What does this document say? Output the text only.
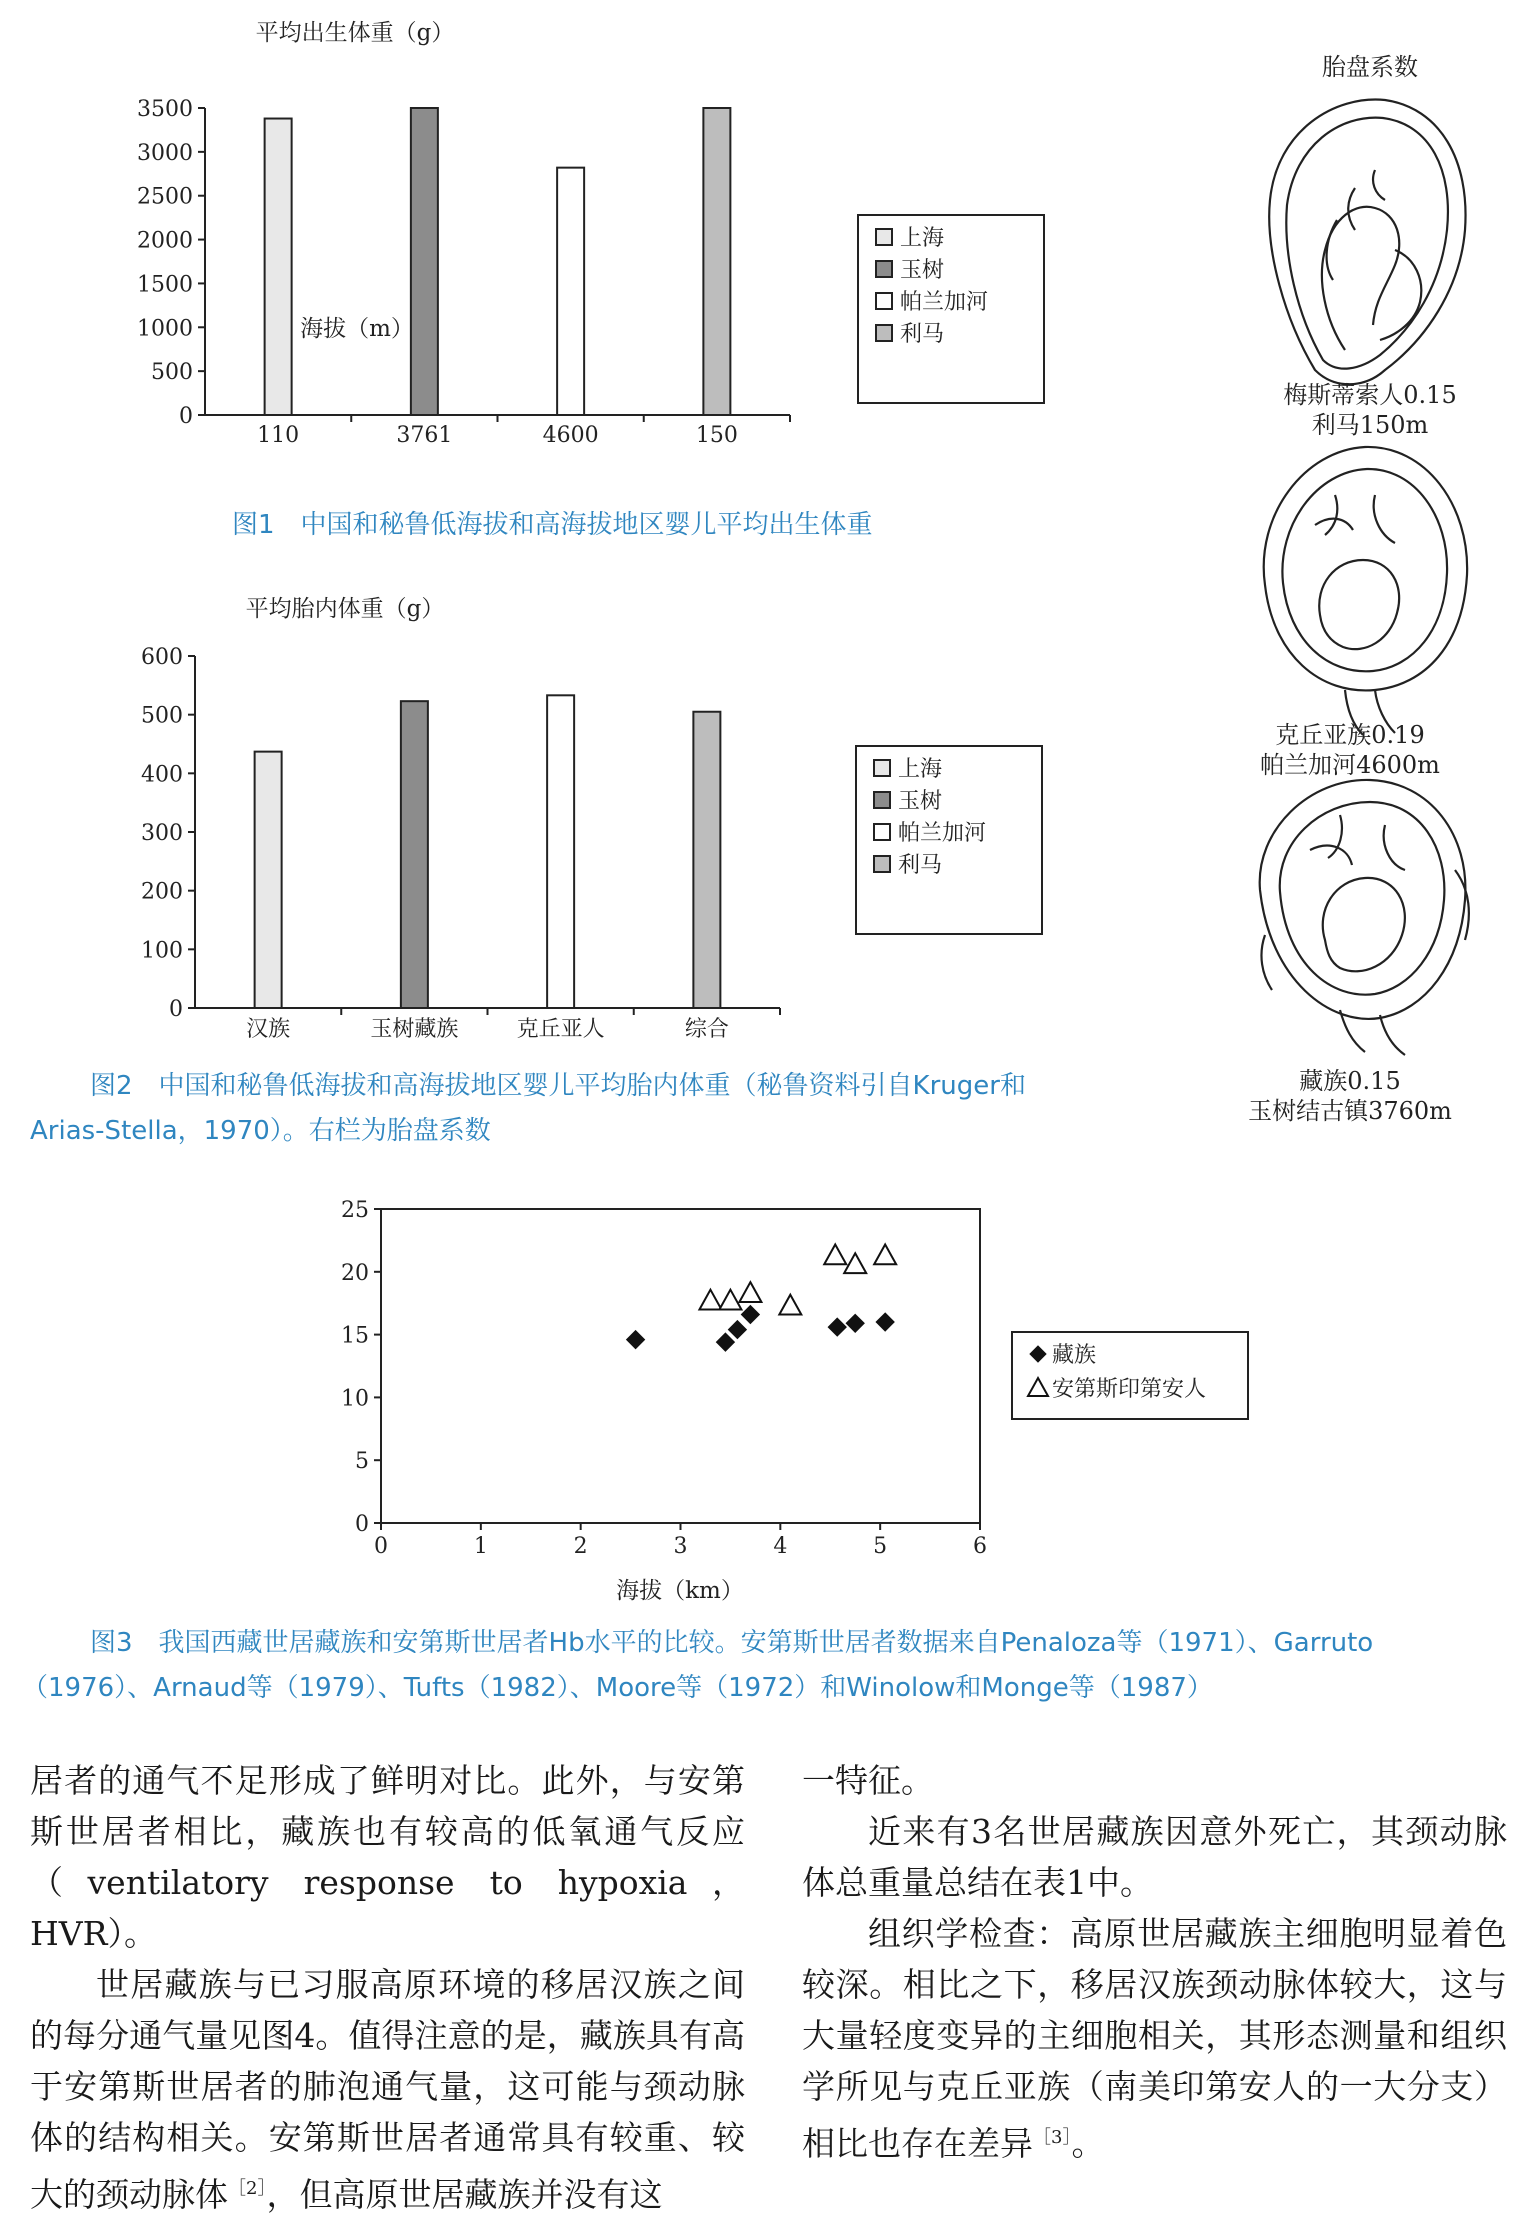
平均出生体重（g）
0
500
1000
1500
2000
2500
3000
3500
110	3761	4600	150
上海
玉树
帕兰加河
利马
海拔（m）
图1　中国和秘鲁低海拔和高海拔地区婴儿平均出生体重
平均胎内体重（g）
0
100
200
300
400
500
600
汉族	玉树藏族	克丘亚人	综合
上海
玉树
帕兰加河
利马
图2　中国和秘鲁低海拔和高海拔地区婴儿平均胎内体重（秘鲁资料引自Kruger和
Arias-Stella，1970）。右栏为胎盘系数
胎盘系数
梅斯蒂索人0.15
利马150m
克丘亚族0.19
帕兰加河4600m
藏族0.15
玉树结古镇3760m
0
5
10
15
20
25
0	1	2	3	4	5	6
藏族
安第斯印第安人
海拔（km）
图3　我国西藏世居藏族和安第斯世居者Hb水平的比较。安第斯世居者数据来自Penaloza等（1971）、Garruto
（1976）、Arnaud等（1979）、Tufts（1982）、Moore等（1972）和Winolow和Monge等（1987）

居者的通气不足形成了鲜明对比。此外，与安第斯世居者相比，藏族也有较高的低氧通气反应（ventilatory response to hypoxia，HVR）。

世居藏族与已习服高原环境的移居汉族之间的每分通气量见图4。值得注意的是，藏族具有高于安第斯世居者的肺泡通气量，这可能与颈动脉体的结构相关。安第斯世居者通常具有较重、较大的颈动脉体$^{[2]}$，但高原世居藏族并没有这

一特征。

近来有3名世居藏族因意外死亡，其颈动脉体总重量总结在表1中。

组织学检查：高原世居藏族主细胞明显着色较深。相比之下，移居汉族颈动脉体较大，这与大量轻度变异的主细胞相关，其形态测量和组织学所见与克丘亚族（南美印第安人的一大分支）相比也存在差异$^{[3]}$。
